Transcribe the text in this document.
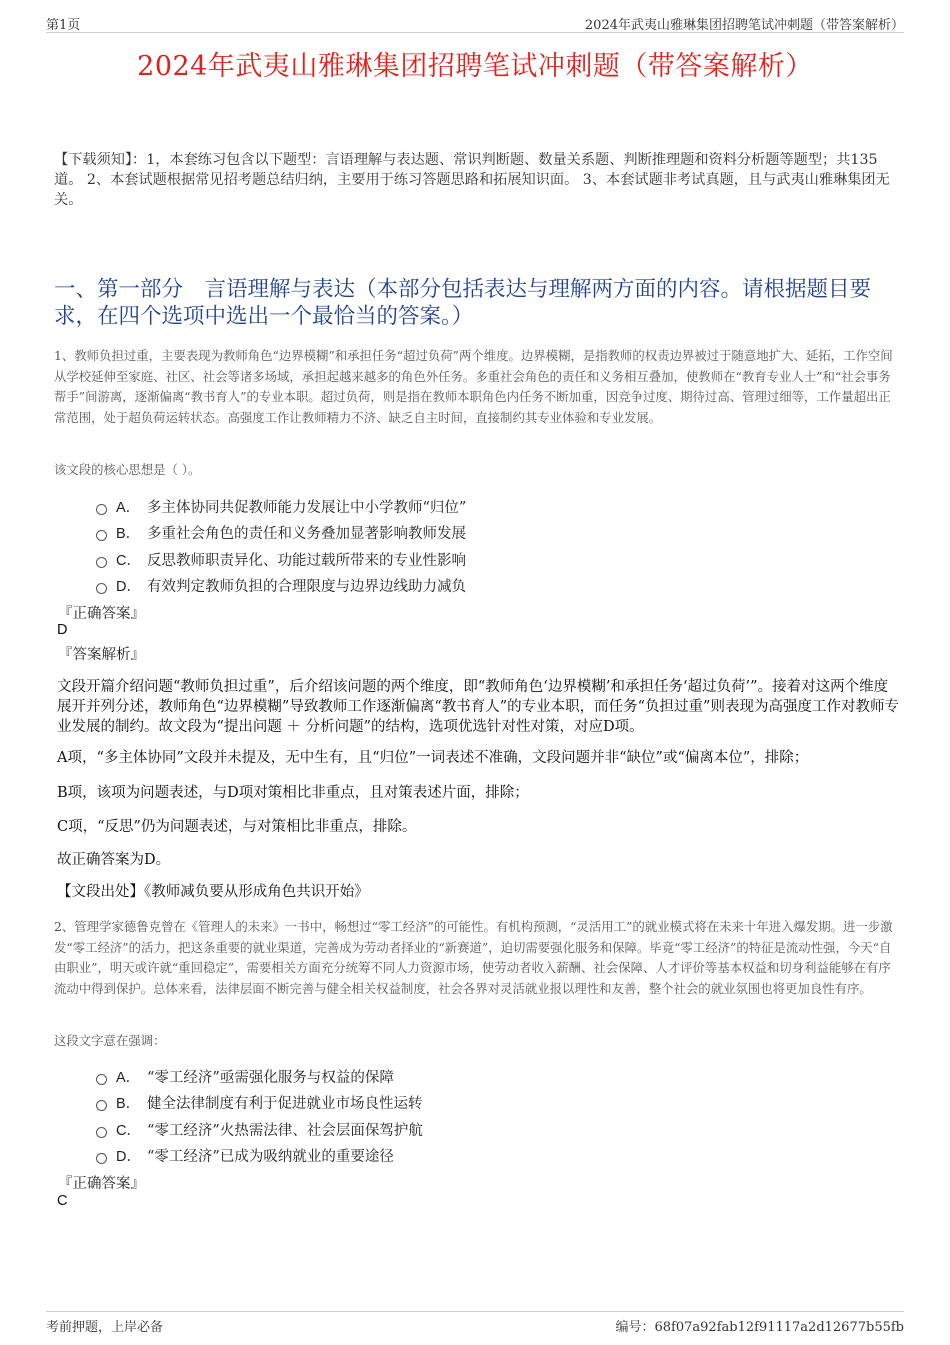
第1页	2024年武夷山雅琳集团招聘笔试冲刺题（带答案解析）
2024年武夷山雅琳集团招聘笔试冲刺题（带答案解析）
【下载须知】：1，本套练习包含以下题型：言语理解与表达题、常识判断题、数量关系题、判断推理题和资料分析题等题型；共135道。 2、本套试题根据常见招考题总结归纳，主要用于练习答题思路和拓展知识面。 3、本套试题非考试真题，且与武夷山雅琳集团无关。
一、第一部分　言语理解与表达（本部分包括表达与理解两方面的内容。请根据题目要求，在四个选项中选出一个最恰当的答案。）
1、教师负担过重，主要表现为教师角色“边界模糊”和承担任务“超过负荷”两个维度。边界模糊，是指教师的权责边界被过于随意地扩大、延拓，工作空间从学校延伸至家庭、社区、社会等诸多场域，承担起越来越多的角色外任务。多重社会角色的责任和义务相互叠加，使教师在“教育专业人士”和“社会事务帮手”间游离，逐渐偏离“教书育人”的专业本职。超过负荷，则是指在教师本职角色内任务不断加重，因竞争过度、期待过高、管理过细等，工作量超出正常范围，处于超负荷运转状态。高强度工作让教师精力不济、缺乏自主时间，直接制约其专业体验和专业发展。
该文段的核心思想是（ ）。
A． 多主体协同共促教师能力发展让中小学教师“归位”
B． 多重社会角色的责任和义务叠加显著影响教师发展
C． 反思教师职责异化、功能过载所带来的专业性影响
D． 有效判定教师负担的合理限度与边界边线助力减负
『正确答案』
D
『答案解析』
文段开篇介绍问题“教师负担过重”，后介绍该问题的两个维度，即“教师角色‘边界模糊’和承担任务‘超过负荷’”。接着对这两个维度展开并列分述，教师角色“边界模糊”导致教师工作逐渐偏离“教书育人”的专业本职，而任务“负担过重”则表现为高强度工作对教师专业发展的制约。故文段为“提出问题 ＋ 分析问题”的结构，选项优选针对性对策，对应D项。
A项，“多主体协同”文段并未提及，无中生有，且“归位”一词表述不准确，文段问题并非“缺位”或“偏离本位”，排除；
B项，该项为问题表述，与D项对策相比非重点，且对策表述片面，排除；
C项，“反思”仍为问题表述，与对策相比非重点，排除。
故正确答案为D。
【文段出处】《教师减负要从形成角色共识开始》
2、管理学家德鲁克曾在《管理人的未来》一书中，畅想过“零工经济”的可能性。有机构预测，“灵活用工”的就业模式将在未来十年进入爆发期。进一步激发“零工经济”的活力，把这条重要的就业渠道，完善成为劳动者择业的“新赛道”，迫切需要强化服务和保障。毕竟“零工经济”的特征是流动性强，今天“自由职业”，明天或许就“重回稳定”，需要相关方面充分统筹不同人力资源市场，使劳动者收入薪酬、社会保障、人才评价等基本权益和切身利益能够在有序流动中得到保护。总体来看，法律层面不断完善与健全相关权益制度，社会各界对灵活就业报以理性和友善，整个社会的就业氛围也将更加良性有序。
这段文字意在强调：
A． “零工经济”亟需强化服务与权益的保障
B． 健全法律制度有利于促进就业市场良性运转
C． “零工经济”火热需法律、社会层面保驾护航
D． “零工经济”已成为吸纳就业的重要途径
『正确答案』
C
考前押题，上岸必备	编号：68f07a92fab12f91117a2d12677b55fb
